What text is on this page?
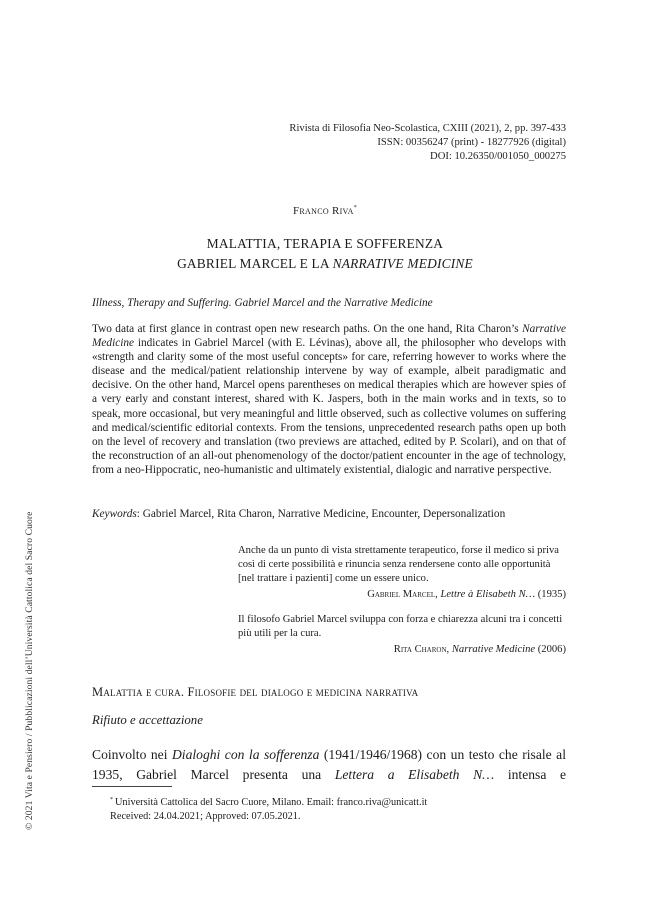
© 2021 Vita e Pensiero / Pubblicazioni dell’Università Cattolica del Sacro Cuore
Rivista di Filosofia Neo-Scolastica, CXIII (2021), 2, pp. 397-433
ISSN: 00356247 (print) - 18277926 (digital)
DOI: 10.26350/001050_000275
Franco Riva*
MALATTIA, TERAPIA E SOFFERENZA
GABRIEL MARCEL E LA NARRATIVE MEDICINE
Illness, Therapy and Suffering. Gabriel Marcel and the Narrative Medicine
Two data at first glance in contrast open new research paths. On the one hand, Rita Charon’s Narrative Medicine indicates in Gabriel Marcel (with E. Lévinas), above all, the philosopher who develops with «strength and clarity some of the most useful concepts» for care, referring however to works where the disease and the medical/patient relationship intervene by way of example, albeit paradigmatic and decisive. On the other hand, Marcel opens parentheses on medical therapies which are however spies of a very early and constant interest, shared with K. Jaspers, both in the main works and in texts, so to speak, more occasional, but very meaningful and little observed, such as collective volumes on suffering and medical/scientific editorial contexts. From the tensions, unprecedented research paths open up both on the level of recovery and translation (two previews are attached, edited by P. Scolari), and on that of the reconstruction of an all-out phenomenology of the doctor/patient encounter in the age of technology, from a neo-Hippocratic, neo-humanistic and ultimately existential, dialogic and narrative perspective.
Keywords: Gabriel Marcel, Rita Charon, Narrative Medicine, Encounter, Depersonalization
Anche da un punto di vista strettamente terapeutico, forse il medico si priva così di certe possibilità e rinuncia senza rendersene conto alle opportunità [nel trattare i pazienti] come un essere unico.
Gabriel Marcel, Lettre à Elisabeth N… (1935)
Il filosofo Gabriel Marcel sviluppa con forza e chiarezza alcuni tra i concetti più utili per la cura.
Rita Charon, Narrative Medicine (2006)
Malattia e cura. Filosofie del dialogo e medicina narrativa
Rifiuto e accettazione
Coinvolto nei Dialoghi con la sofferenza (1941/1946/1968) con un testo che risale al 1935, Gabriel Marcel presenta una Lettera a Elisabeth N… intensa e
* Università Cattolica del Sacro Cuore, Milano. Email: franco.riva@unicatt.it
Received: 24.04.2021; Approved: 07.05.2021.
